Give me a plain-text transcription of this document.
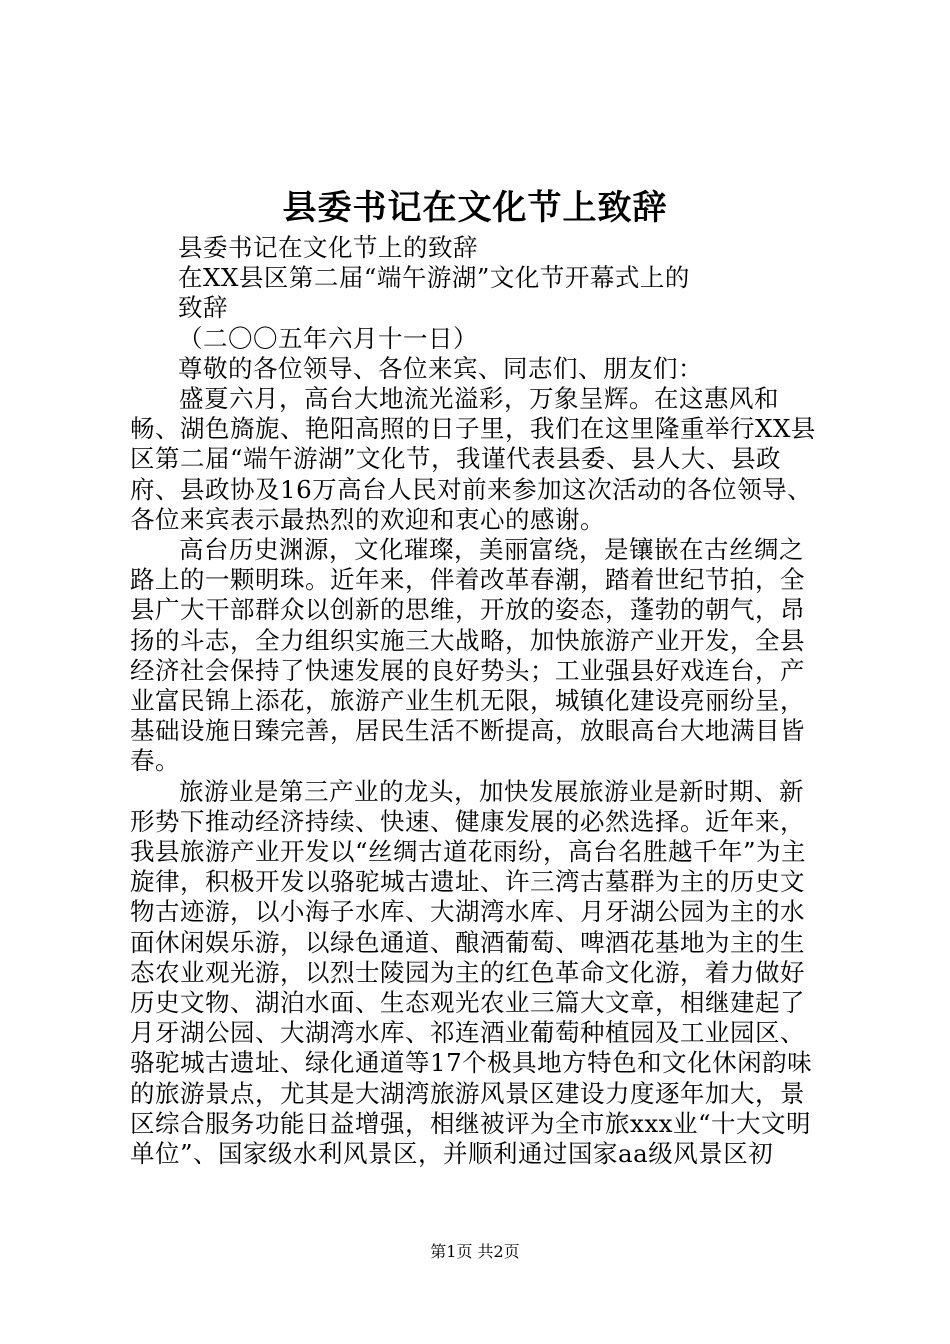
县委书记在文化节上致辞

县委书记在文化节上的致辞

在XX县区第二届“端午游湖”文化节开幕式上的

致辞

（二〇〇五年六月十一日）

尊敬的各位领导、各位来宾、同志们、朋友们：

盛夏六月，高台大地流光溢彩，万象呈辉。在这惠风和畅、湖色旖旎、艳阳高照的日子里，我们在这里隆重举行XX县区第二届“端午游湖”文化节，我谨代表县委、县人大、县政府、县政协及16万高台人民对前来参加这次活动的各位领导、各位来宾表示最热烈的欢迎和衷心的感谢。

高台历史渊源，文化璀璨，美丽富绕，是镶嵌在古丝绸之路上的一颗明珠。近年来，伴着改革春潮，踏着世纪节拍，全县广大干部群众以创新的思维，开放的姿态，蓬勃的朝气，昂扬的斗志，全力组织实施三大战略，加快旅游产业开发，全县经济社会保持了快速发展的良好势头；工业强县好戏连台，产业富民锦上添花，旅游产业生机无限，城镇化建设亮丽纷呈，基础设施日臻完善，居民生活不断提高，放眼高台大地满目皆春。

旅游业是第三产业的龙头，加快发展旅游业是新时期、新形势下推动经济持续、快速、健康发展的必然选择。近年来，我县旅游产业开发以“丝绸古道花雨纷，高台名胜越千年”为主旋律，积极开发以骆驼城古遗址、许三湾古墓群为主的历史文物古迹游，以小海子水库、大湖湾水库、月牙湖公园为主的水面休闲娱乐游，以绿色通道、酿酒葡萄、啤酒花基地为主的生态农业观光游，以烈士陵园为主的红色革命文化游，着力做好历史文物、湖泊水面、生态观光农业三篇大文章，相继建起了月牙湖公园、大湖湾水库、祁连酒业葡萄种植园及工业园区、骆驼城古遗址、绿化通道等17个极具地方特色和文化休闲韵味的旅游景点，尤其是大湖湾旅游风景区建设力度逐年加大，景区综合服务功能日益增强，相继被评为全市旅xxx业“十大文明单位”、国家级水利风景区，并顺利通过国家aa级风景区初

第1页 共2页
